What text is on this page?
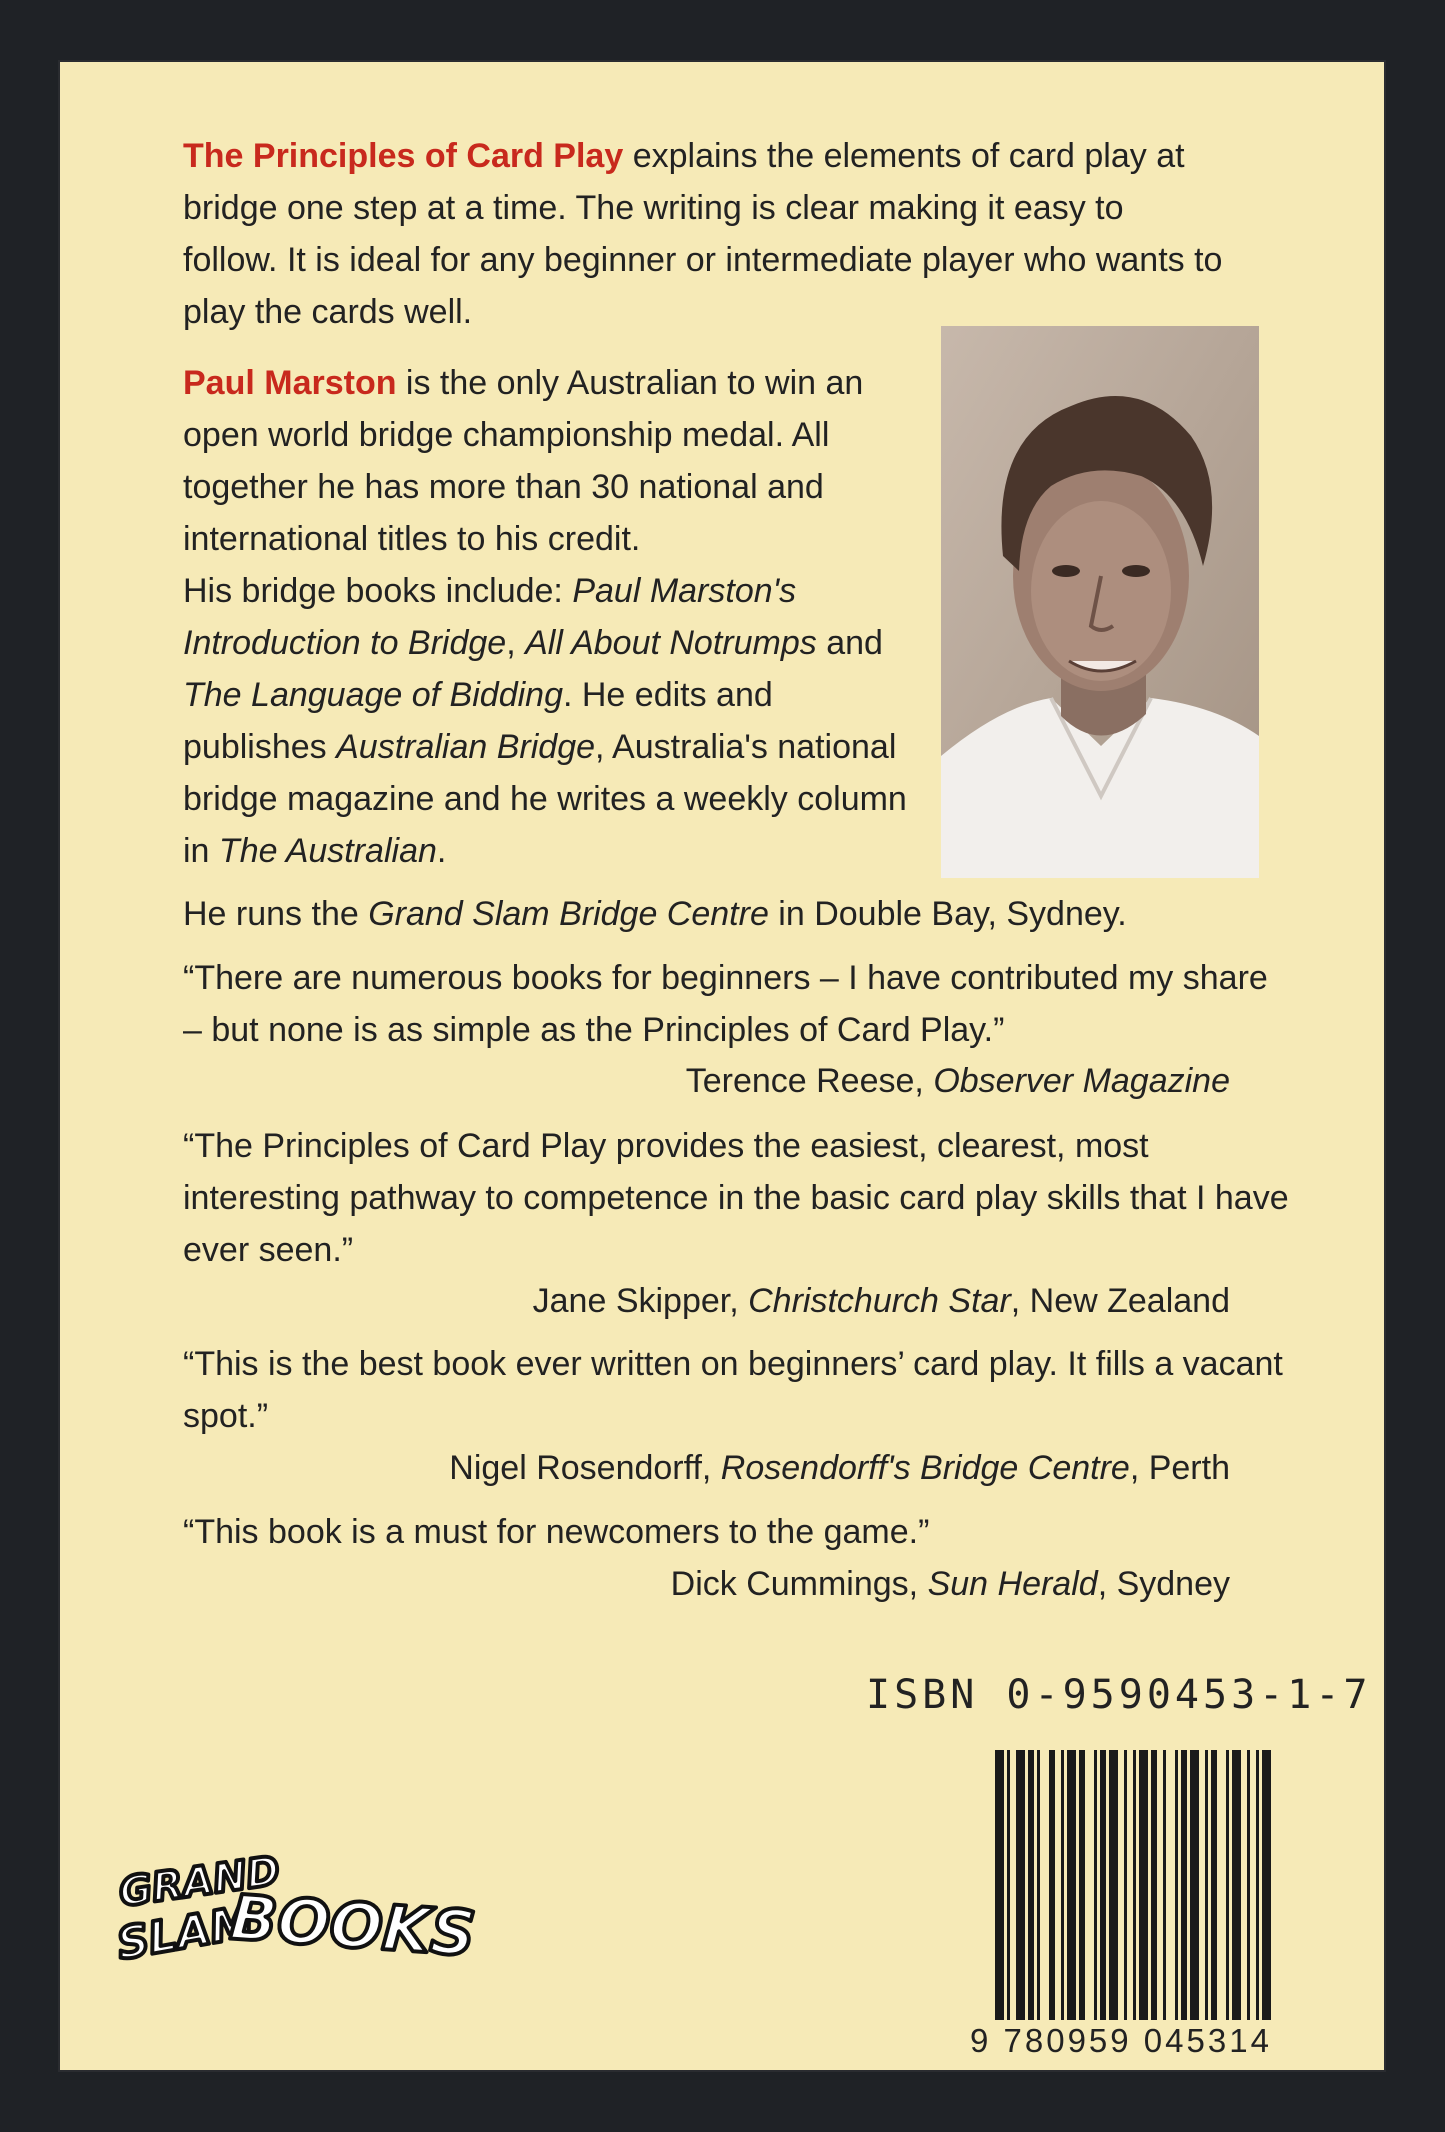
The Principles of Card Play explains the elements of card play at bridge one step at a time. The writing is clear making it easy to follow. It is ideal for any beginner or intermediate player who wants to play the cards well.
Paul Marston is the only Australian to win an open world bridge championship medal. All together he has more than 30 national and international titles to his credit.
His bridge books include: Paul Marston's Introduction to Bridge, All About Notrumps and The Language of Bidding. He edits and publishes Australian Bridge, Australia's national bridge magazine and he writes a weekly column in The Australian.
He runs the Grand Slam Bridge Centre in Double Bay, Sydney.
“There are numerous books for beginners – I have contributed my share – but none is as simple as the Principles of Card Play.”
Terence Reese, Observer Magazine
“The Principles of Card Play provides the easiest, clearest, most interesting pathway to competence in the basic card play skills that I have ever seen.”
Jane Skipper, Christchurch Star, New Zealand
“This is the best book ever written on beginners’ card play. It fills a vacant spot.”
Nigel Rosendorff, Rosendorff's Bridge Centre, Perth
“This book is a must for newcomers to the game.”
Dick Cummings, Sun Herald, Sydney
ISBN 0-9590453-1-7
9 780959 045314
GRAND
SLAM
BOOKS
